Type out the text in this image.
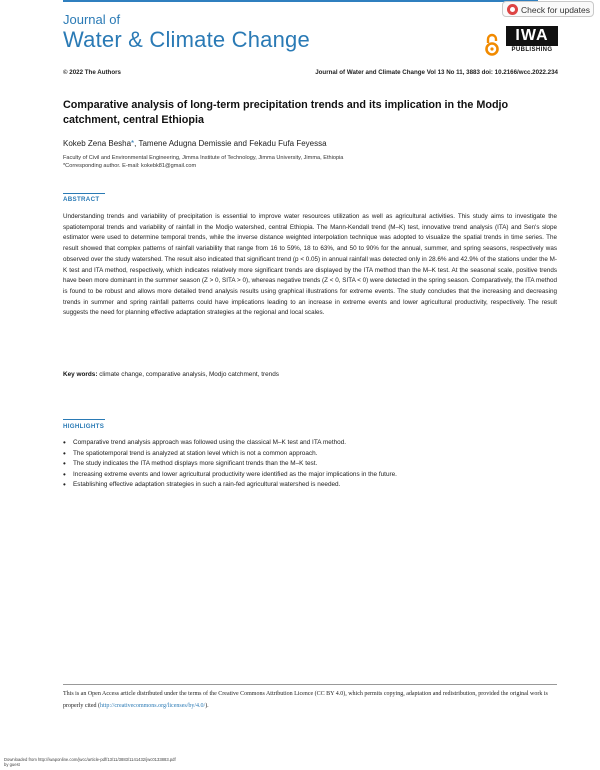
Journal of
Water & Climate Change
Check for updates
IWA
PUBLISHING
© 2022 The Authors	Journal of Water and Climate Change Vol 13 No 11, 3883 doi: 10.2166/wcc.2022.234
Comparative analysis of long-term precipitation trends and its implication in the Modjo catchment, central Ethiopia
Kokeb Zena Besha*, Tamene Adugna Demissie and Fekadu Fufa Feyessa
Faculty of Civil and Environmental Engineering, Jimma Institute of Technology, Jimma University, Jimma, Ethiopia
*Corresponding author. E-mail: kokebk81@gmail.com
ABSTRACT
Understanding trends and variability of precipitation is essential to improve water resources utilization as well as agricultural activities. This study aims to investigate the spatiotemporal trends and variability of rainfall in the Modjo watershed, central Ethiopia. The Mann-Kendall trend (M–K) test, innovative trend analysis (ITA) and Sen's slope estimator were used to determine temporal trends, while the inverse distance weighted interpolation technique was adopted to visualize the spatial trends in time series. The result showed that complex patterns of rainfall variability that range from 16 to 59%, 18 to 63%, and 50 to 90% for the annual, summer, and spring seasons, respectively was observed over the study watershed. The result also indicated that significant trend (p < 0.05) in annual rainfall was detected only in 28.6% and 42.9% of the stations under the M-K test and ITA method, respectively, which indicates relatively more significant trends are displayed by the ITA method than the M–K test. At the seasonal scale, positive trends have been more dominant in the summer season (Z > 0, SITA > 0), whereas negative trends (Z < 0, SITA < 0) were detected in the spring season. Comparatively, the ITA method is found to be robust and allows more detailed trend analysis results using graphical illustrations for extreme events. The study concludes that the increasing and decreasing trends in summer and spring rainfall patterns could have implications leading to an increase in extreme events and lower agricultural productivity, respectively. The result suggests the need for planning effective adaptation strategies at the regional and local scales.
Key words: climate change, comparative analysis, Modjo catchment, trends
HIGHLIGHTS
• Comparative trend analysis approach was followed using the classical M–K test and ITA method.
• The spatiotemporal trend is analyzed at station level which is not a common approach.
• The study indicates the ITA method displays more significant trends than the M–K test.
• Increasing extreme events and lower agricultural productivity were identified as the major implications in the future.
• Establishing effective adaptation strategies in such a rain-fed agricultural watershed is needed.
This is an Open Access article distributed under the terms of the Creative Commons Attribution Licence (CC BY 4.0), which permits copying, adaptation and redistribution, provided the original work is properly cited (http://creativecommons.org/licenses/by/4.0/).
Downloaded from http://iwaponline.com/jwcc/article-pdf/13/11/3883/1141432/jwc0133883.pdf
by guest
